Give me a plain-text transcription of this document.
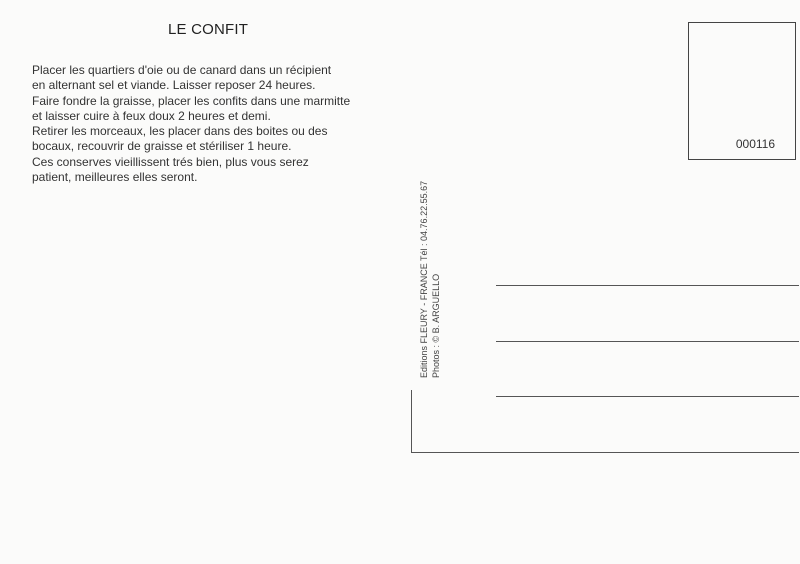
LE CONFIT
Placer les quartiers d'oie ou de canard dans un récipient
en alternant sel et viande. Laisser reposer 24 heures.
Faire fondre la graisse, placer les confits dans une marmitte
et laisser cuire à feux doux 2 heures et demi.
Retirer les morceaux, les placer dans des boites ou des
bocaux, recouvrir de graisse et stériliser 1 heure.
Ces conserves vieillissent trés bien, plus vous serez
patient, meilleures elles seront.
000116
Editions FLEURY - FRANCE Tél : 04.76.22.55.67 Photos : © B. ARGUELLO
